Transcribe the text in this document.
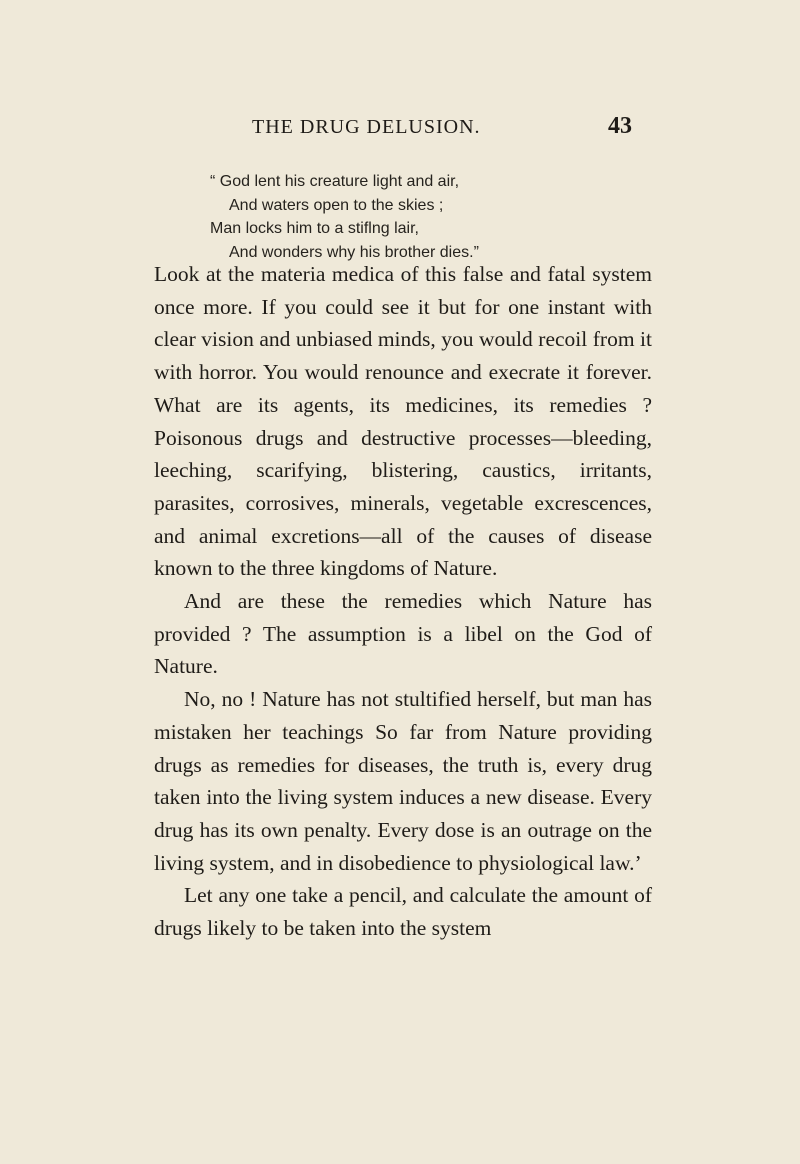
THE DRUG DELUSION.	43
“ God lent his creature light and air,
And waters open to the skies ;
Man locks him to a stiflng lair,
And wonders why his brother dies.”

Look at the materia medica of this false and fatal system once more. If you could see it but for one instant with clear vision and unbiased minds, you would recoil from it with horror. You would renounce and execrate it forever. What are its agents, its medicines, its remedies ? Poisonous drugs and destructive processes—bleeding, leeching, scarifying, blistering, caustics, irritants, parasites, corrosives, minerals, vegetable excrescences, and animal excretions—all of the causes of disease known to the three kingdoms of Nature.

And are these the remedies which Nature has provided ? The assumption is a libel on the God of Nature.

No, no ! Nature has not stultified herself, but man has mistaken her teachings So far from Nature providing drugs as remedies for diseases, the truth is, every drug taken into the living system induces a new disease. Every drug has its own penalty. Every dose is an outrage on the living system, and in disobedience to physiological law.’

Let any one take a pencil, and calculate the amount of drugs likely to be taken into the system
